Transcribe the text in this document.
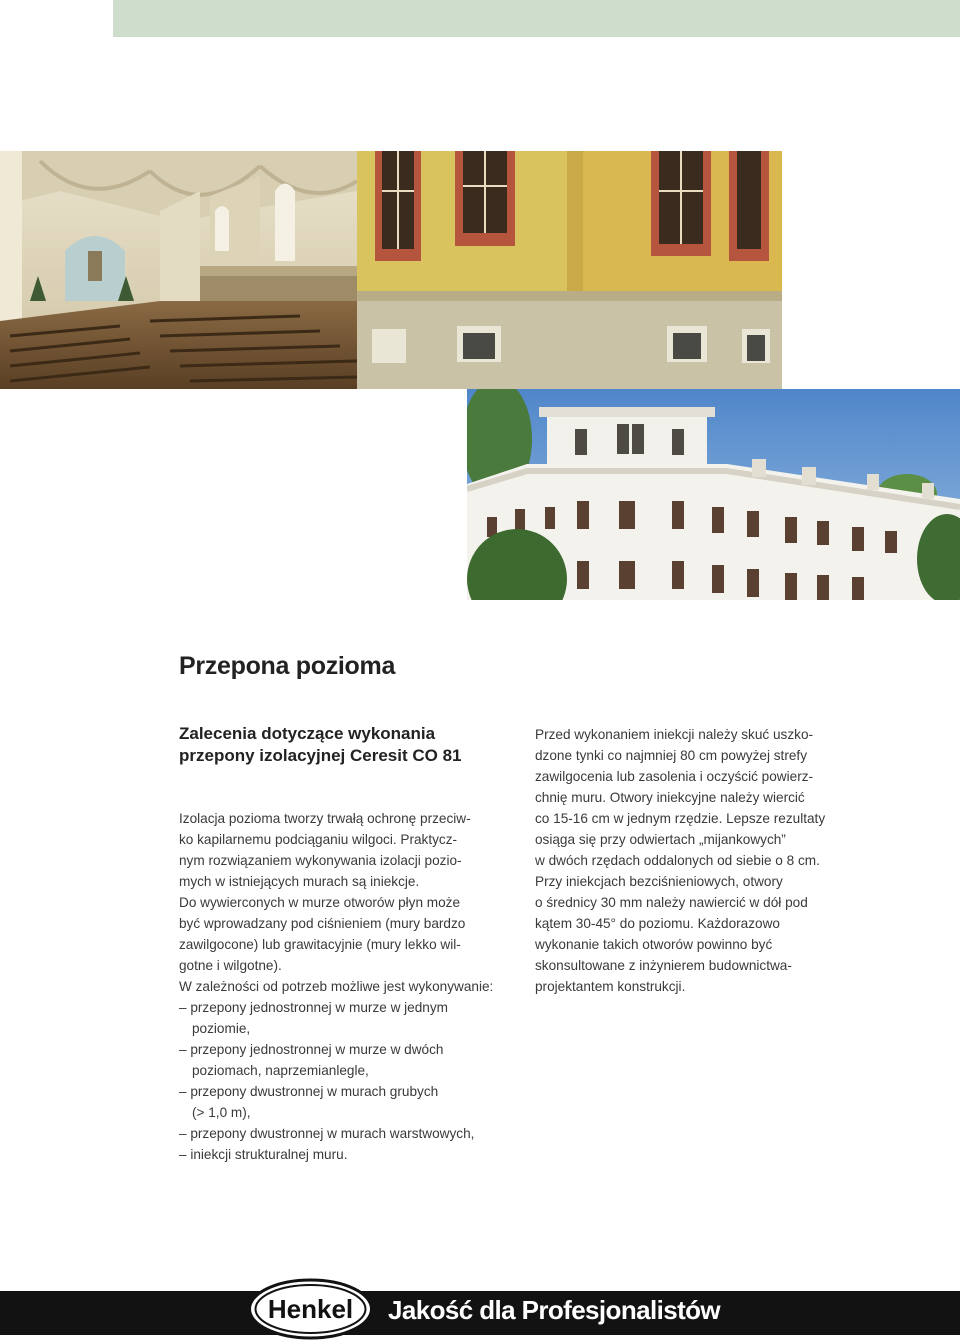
Przepona pozioma
Zalecenia dotyczące wykonania
przepony izolacyjnej Ceresit CO 81
Izolacja pozioma tworzy trwałą ochronę przeciw-
ko kapilarnemu podciąganiu wilgoci. Praktycz-
nym rozwiązaniem wykonywania izolacji pozio-
mych w istniejących murach są iniekcje.
Do wywierconych w murze otworów płyn może
być wprowadzany pod ciśnieniem (mury bardzo
zawilgocone) lub grawitacyjnie (mury lekko wil-
gotne i wilgotne).
W zależności od potrzeb możliwe jest wykonywanie:
– przepony jednostronnej w murze w jednym
poziomie,
– przepony jednostronnej w murze w dwóch
poziomach, naprzemianlegle,
– przepony dwustronnej w murach grubych
(> 1,0 m),
– przepony dwustronnej w murach warstwowych,
– iniekcji strukturalnej muru.
Przed wykonaniem iniekcji należy skuć uszko-
dzone tynki co najmniej 80 cm powyżej strefy
zawilgocenia lub zasolenia i oczyścić powierz-
chnię muru. Otwory iniekcyjne należy wiercić
co 15-16 cm w jednym rzędzie. Lepsze rezultaty
osiąga się przy odwiertach „mijankowych”
w dwóch rzędach oddalonych od siebie o 8 cm.
Przy iniekcjach bezciśnieniowych, otwory
o średnicy 30 mm należy nawiercić w dół pod
kątem 30-45° do poziomu. Każdorazowo
wykonanie takich otworów powinno być
skonsultowane z inżynierem budownictwa-
projektantem konstrukcji.
Henkel Jakość dla Profesjonalistów
